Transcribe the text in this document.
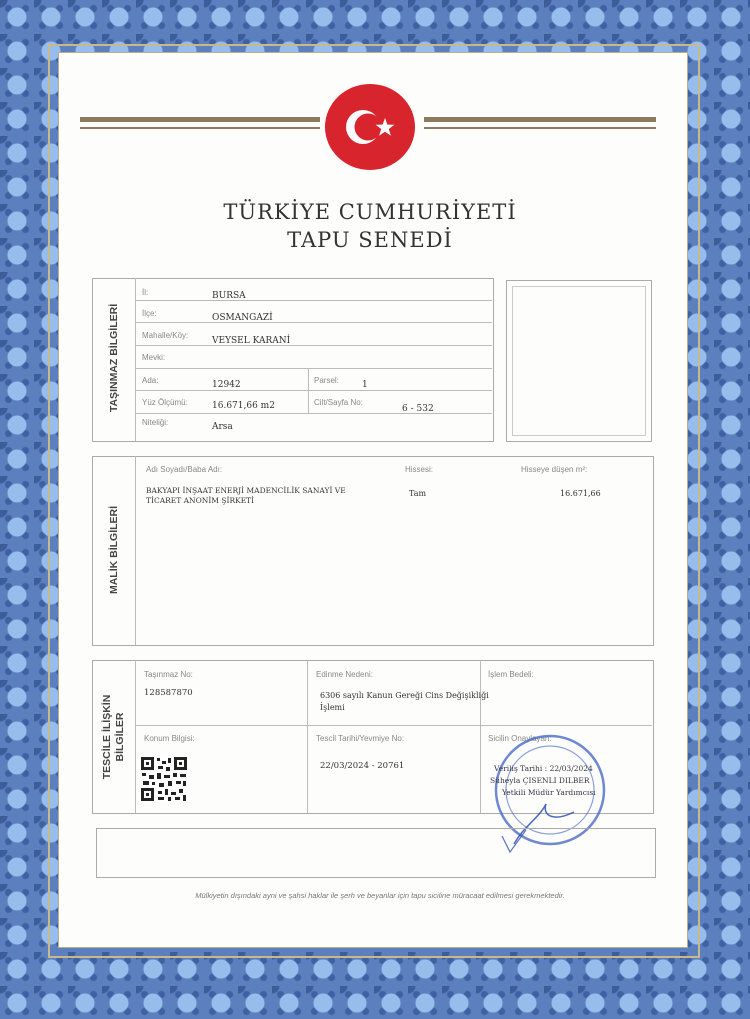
TÜRKİYE CUMHURİYETİ
TAPU SENEDİ
TAŞINMAZ BİLGİLERİ
İl:	BURSA
İlçe:	OSMANGAZİ
Mahalle/Köy:
VEYSEL KARANİ
Mevki:
Ada:	12942	Parsel:	1
Yüz Ölçümü:	16.671,66 m2	Cilt/Sayfa No:
6 - 532
Niteliği:	Arsa
MALİK BİLGİLERİ
Adı Soyadı/Baba Adı:
BAKYAPI İNŞAAT ENERJİ MADENCİLİK SANAYİ VE
TİCARET ANONİM ŞİRKETİ
Hissesi:
Tam
Hisseye düşen m²:
16.671,66
TESCİLE İLİŞKİN BİLGİLER
Taşınmaz No:
128587870
Edinme Nedeni:
6306 sayılı Kanun Gereği Cins Değişikliği
İşlemi
İşlem Bedeli:
Konum Bilgisi:	Tescil Tarihi/Yevmiye No:
22/03/2024 - 20761
Sicilin Onaylayan:
Veriliş Tarihi : 22/03/2024
Süheyla ÇISENLI DILBER
Yetkili Müdür Yardımcısı
Mülkiyetin dışındaki ayni ve şahsi haklar ile şerh ve beyanlar için tapu siciline müracaat edilmesi gerekmektedir.
